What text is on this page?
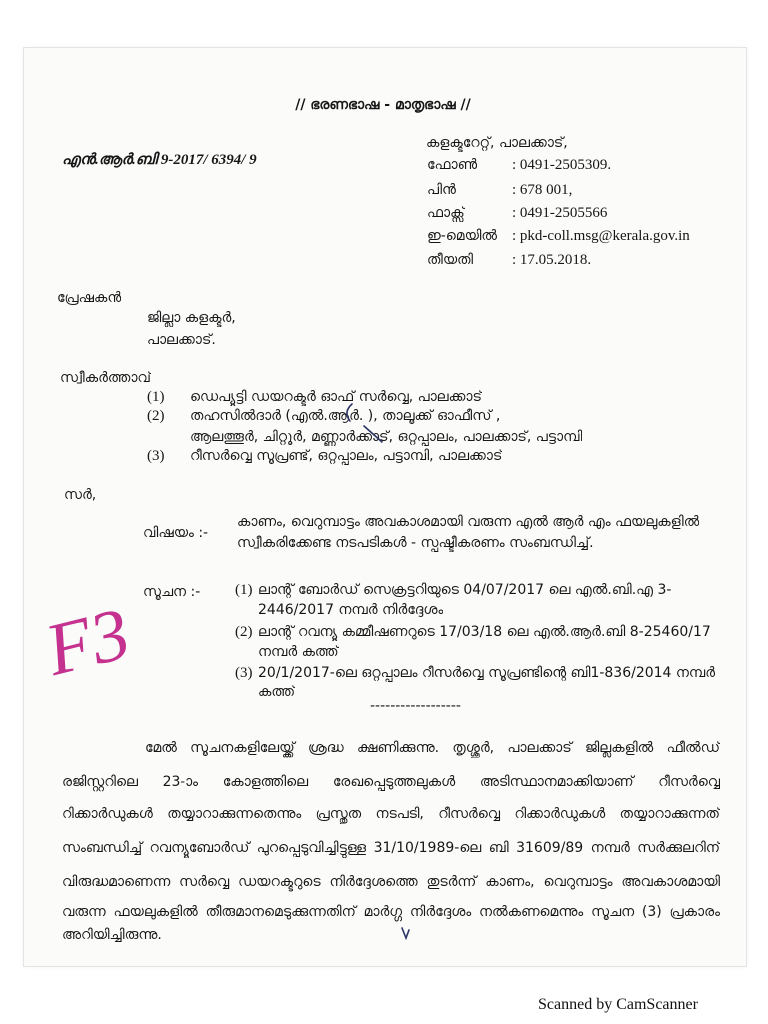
// ഭരണഭാഷ - മാതൃഭാഷ //
എൻ.ആർ.ബി 9-2017/ 6394/ 9
കളക്ടറേറ്റ്, പാലക്കാട്,
ഫോൺ : 0491-2505309.
പിൻ	: 678 001,
ഫാക്സ്	: 0491-2505566
ഇ-മെയിൽ : pkd-coll.msg@kerala.gov.in
തീയതി	: 17.05.2018.
പ്രേഷകൻ
ജില്ലാ കളക്ടർ,
പാലക്കാട്.
സ്വീകർത്താവ്
(1) ഡെപ്യൂട്ടി ഡയറക്ടർ ഓഫ് സർവ്വെ, പാലക്കാട്
(2) തഹസിൽദാർ (എൽ.ആർ. ), താലൂക്ക് ഓഫീസ് ,
ആലത്തൂർ, ചിറ്റൂർ, മണ്ണാർക്കാട്, ഒറ്റപ്പാലം, പാലക്കാട്, പട്ടാമ്പി
(3) റീസർവ്വെ സൂപ്രണ്ട്, ഒറ്റപ്പാലം, പട്ടാമ്പി, പാലക്കാട്
സർ,
വിഷയം :-
കാണം, വെറുമ്പാട്ടം അവകാശമായി വരുന്ന എൽ ആർ എം ഫയലുകളിൽ
സ്വീകരിക്കേണ്ട നടപടികൾ - സ്പഷ്ടീകരണം സംബന്ധിച്ച്.
സൂചന :- (1) ലാന്റ് ബോർഡ് സെക്രട്ടറിയുടെ 04/07/2017 ലെ എൽ.ബി.എ 3-
2446/2017 നമ്പർ നിർദ്ദേശം
(2) ലാന്റ് റവന്യൂ കമ്മീഷണറുടെ 17/03/18 ലെ എൽ.ആർ.ബി 8-25460/17
നമ്പർ കത്ത്
(3) 20/1/2017-ലെ ഒറ്റപ്പാലം റീസർവ്വെ സൂപ്രണ്ടിന്റെ ബി1-836/2014 നമ്പർ
കത്ത്
------------------
മേൽ സൂചനകളിലേയ്ക്ക് ശ്രദ്ധ ക്ഷണിക്കുന്നു. തൃശ്ശൂർ, പാലക്കാട് ജില്ലകളിൽ ഫീൽഡ്
രജിസ്റ്ററിലെ 23-ാം കോളത്തിലെ രേഖപ്പെടുത്തലുകൾ അടിസ്ഥാനമാക്കിയാണ് റീസർവ്വെ
റിക്കാർഡുകൾ തയ്യാറാക്കുന്നതെന്നും പ്രസ്തുത നടപടി, റീസർവ്വെ റിക്കാർഡുകൾ തയ്യാറാക്കുന്നത്
സംബന്ധിച്ച് റവന്യൂബോർഡ് പുറപ്പെടുവിച്ചിട്ടുള്ള 31/10/1989-ലെ ബി 31609/89 നമ്പർ സർക്കുലറിന്
വിരുദ്ധമാണെന്ന സർവ്വെ ഡയറക്ടറുടെ നിർദ്ദേശത്തെ തുടർന്ന് കാണം, വെറുമ്പാട്ടം അവകാശമായി
വരുന്ന ഫയലുകളിൽ തീരുമാനമെടുക്കുന്നതിന് മാർഗ്ഗ നിർദ്ദേശം നൽകണമെന്നും സൂചന (3) പ്രകാരം
അറിയിച്ചിരുന്നു.
F3
Scanned by CamScanner
